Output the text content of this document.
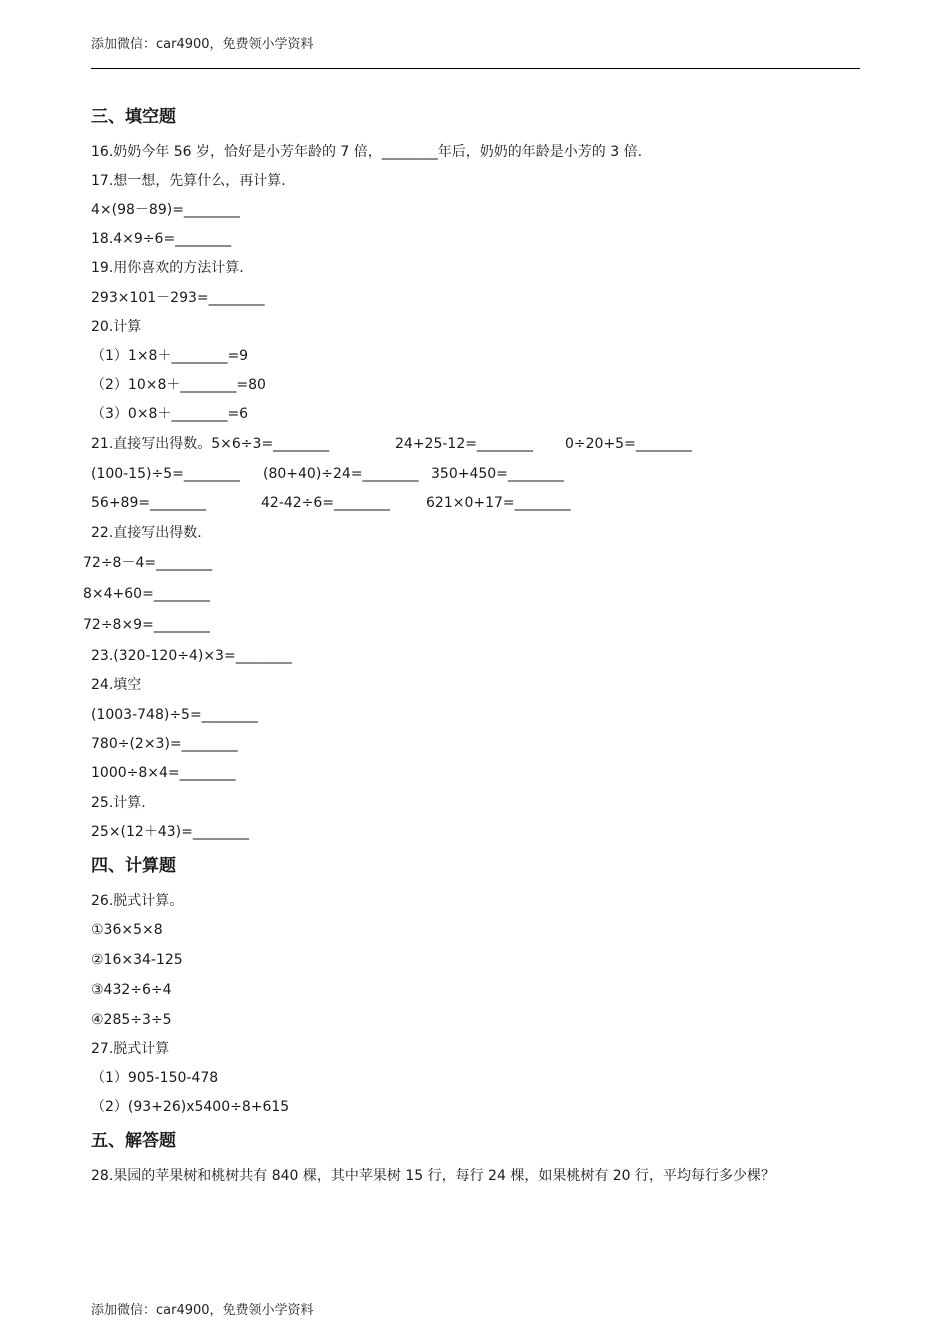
添加微信：car4900，免费领小学资料
三、填空题
16.奶奶今年 56 岁，恰好是小芳年龄的 7 倍，________年后，奶奶的年龄是小芳的 3 倍.
17.想一想，先算什么，再计算.
4×(98－89)=________
18.4×9÷6=________
19.用你喜欢的方法计算.
293×101－293=________
20.计算
（1）1×8＋________=9
（2）10×8＋________=80
（3）0×8＋________=6
21.直接写出得数。5×6÷3=________	24+25-12=________ 0÷20+5=________
(100-15)÷5=________ (80+40)÷24=________ 350+450=________
56+89=________	42-42÷6=________	621×0+17=________
22.直接写出得数.
72÷8－4=________
8×4+60=________
72÷8×9=________
23.(320-120÷4)×3=________
24.填空
(1003-748)÷5=________
780÷(2×3)=________
1000÷8×4=________
25.计算.
25×(12＋43)=________
四、计算题
26.脱式计算。
①36×5×8
②16×34-125
③432÷6÷4
④285÷3÷5
27.脱式计算
（1）905-150-478
（2）(93+26)x5400÷8+615
五、解答题
28.果园的苹果树和桃树共有 840 棵，其中苹果树 15 行，每行 24 棵，如果桃树有 20 行，平均每行多少棵？
添加微信：car4900，免费领小学资料
